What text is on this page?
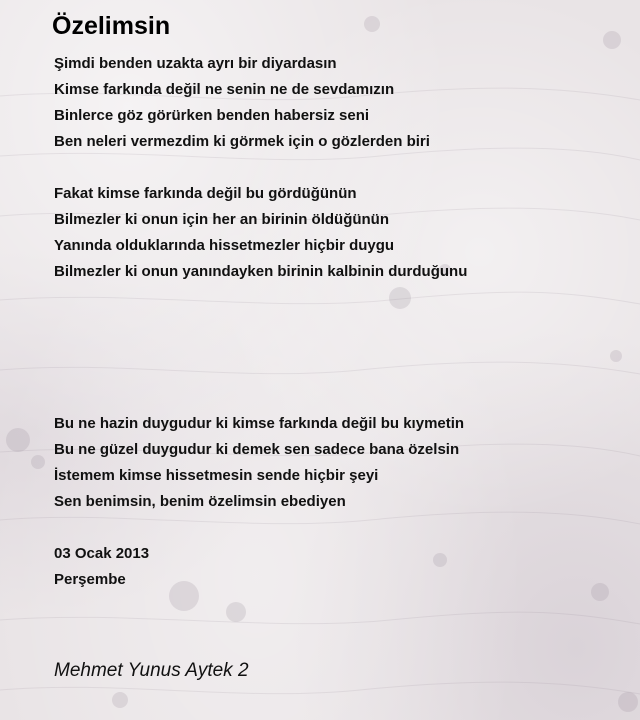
Özelimsin
Şimdi benden uzakta ayrı bir diyardasın
Kimse farkında değil ne senin ne de sevdamızın
Binlerce göz görürken benden habersiz seni
Ben neleri vermezdim ki görmek için o gözlerden biri
Fakat kimse farkında değil bu gördüğünün
Bilmezler ki onun için her an birinin öldüğünün
Yanında olduklarında hissetmezler hiçbir duygu
Bilmezler ki onun yanındayken birinin kalbinin durduğunu
Bu ne hazin duygudur ki kimse farkında değil bu kıymetin
Bu ne güzel duygudur ki demek sen sadece bana özelsin
İstemem kimse hissetmesin sende hiçbir şeyi
Sen benimsin, benim özelimsin ebediyen
03 Ocak 2013
Perşembe
Mehmet Yunus Aytek 2
